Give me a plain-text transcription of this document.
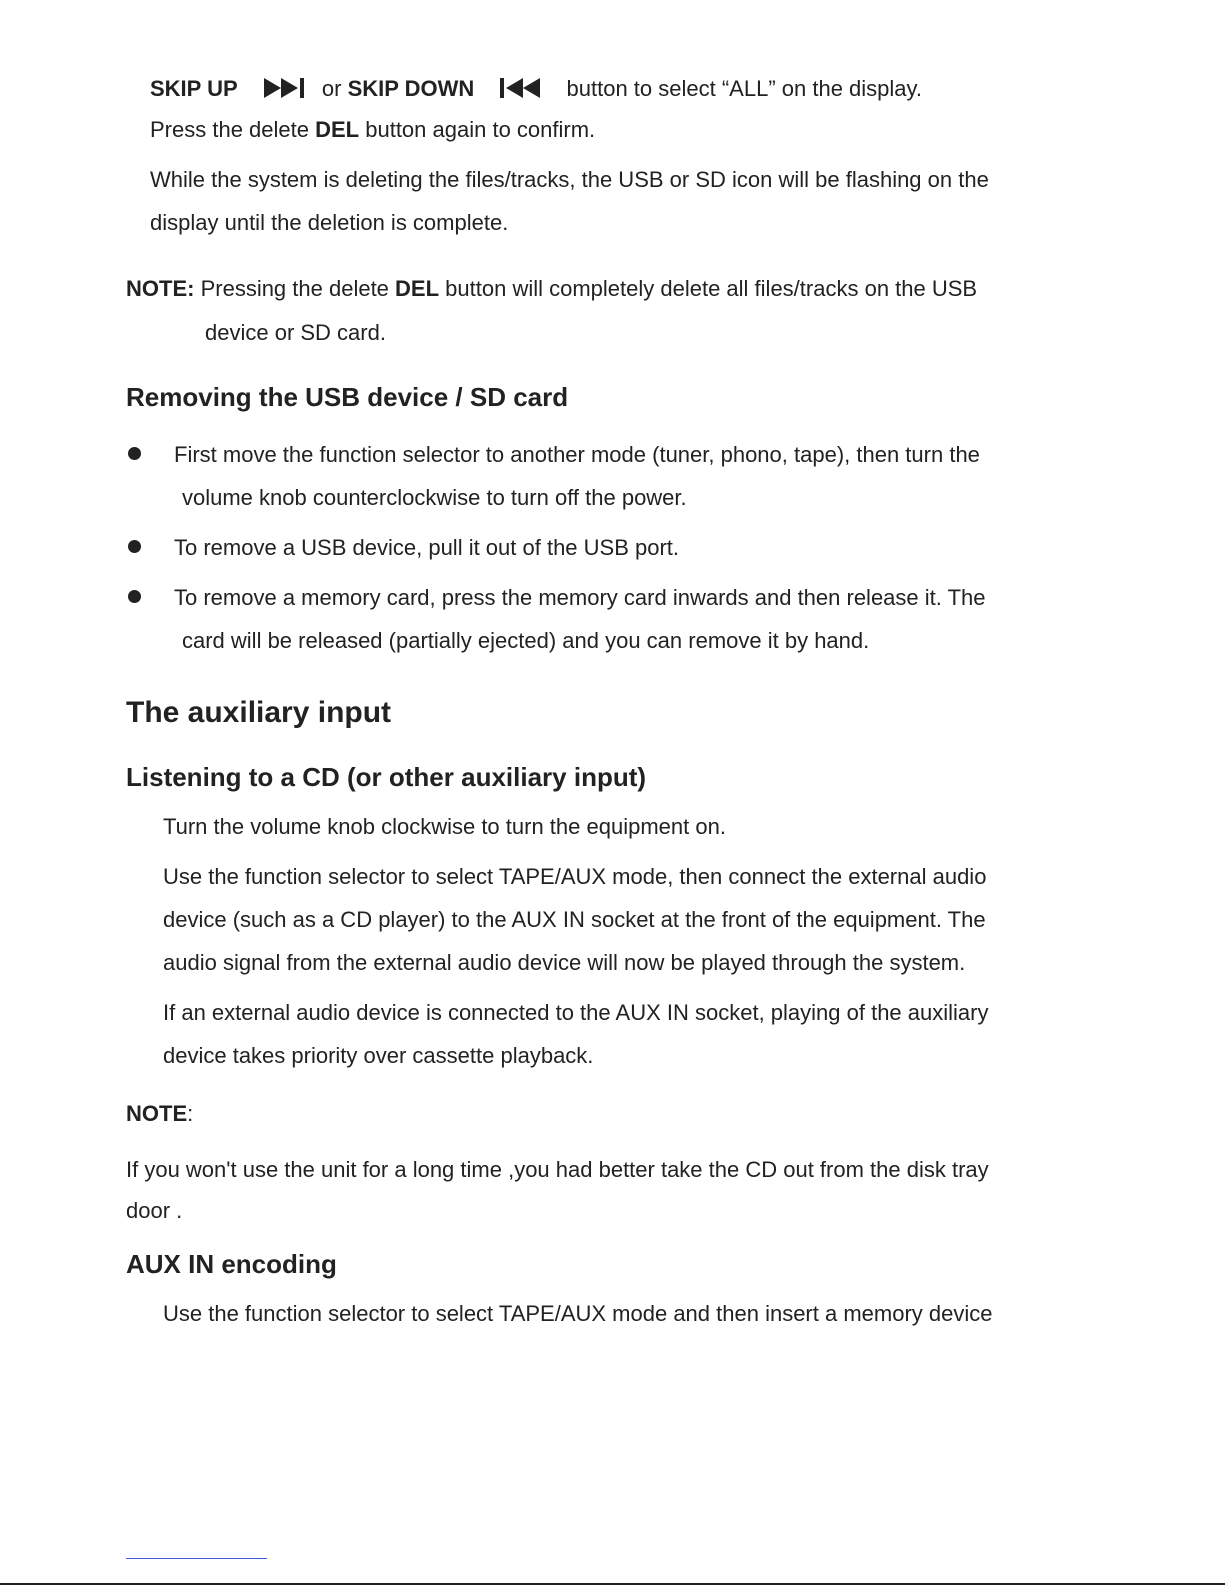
SKIP UP	or SKIP DOWN	button to select “ALL” on the display.
Press the delete DEL button again to confirm.
While the system is deleting the files/tracks, the USB or SD icon will be flashing on the
display until the deletion is complete.
NOTE: Pressing the delete DEL button will completely delete all files/tracks on the USB
device or SD card.
Removing the USB device / SD card
First move the function selector to another mode (tuner, phono, tape), then turn the
volume knob counterclockwise to turn off the power.
To remove a USB device, pull it out of the USB port.
To remove a memory card, press the memory card inwards and then release it. The
card will be released (partially ejected) and you can remove it by hand.
The auxiliary input
Listening to a CD (or other auxiliary input)
Turn the volume knob clockwise to turn the equipment on.
Use the function selector to select TAPE/AUX mode, then connect the external audio
device (such as a CD player) to the AUX IN socket at the front of the equipment. The
audio signal from the external audio device will now be played through the system.
If an external audio device is connected to the AUX IN socket, playing of the auxiliary
device takes priority over cassette playback.
NOTE:
If you won't use the unit for a long time ,you had better take the CD out from the disk tray
door .
AUX IN encoding
Use the function selector to select TAPE/AUX mode and then insert a memory device
